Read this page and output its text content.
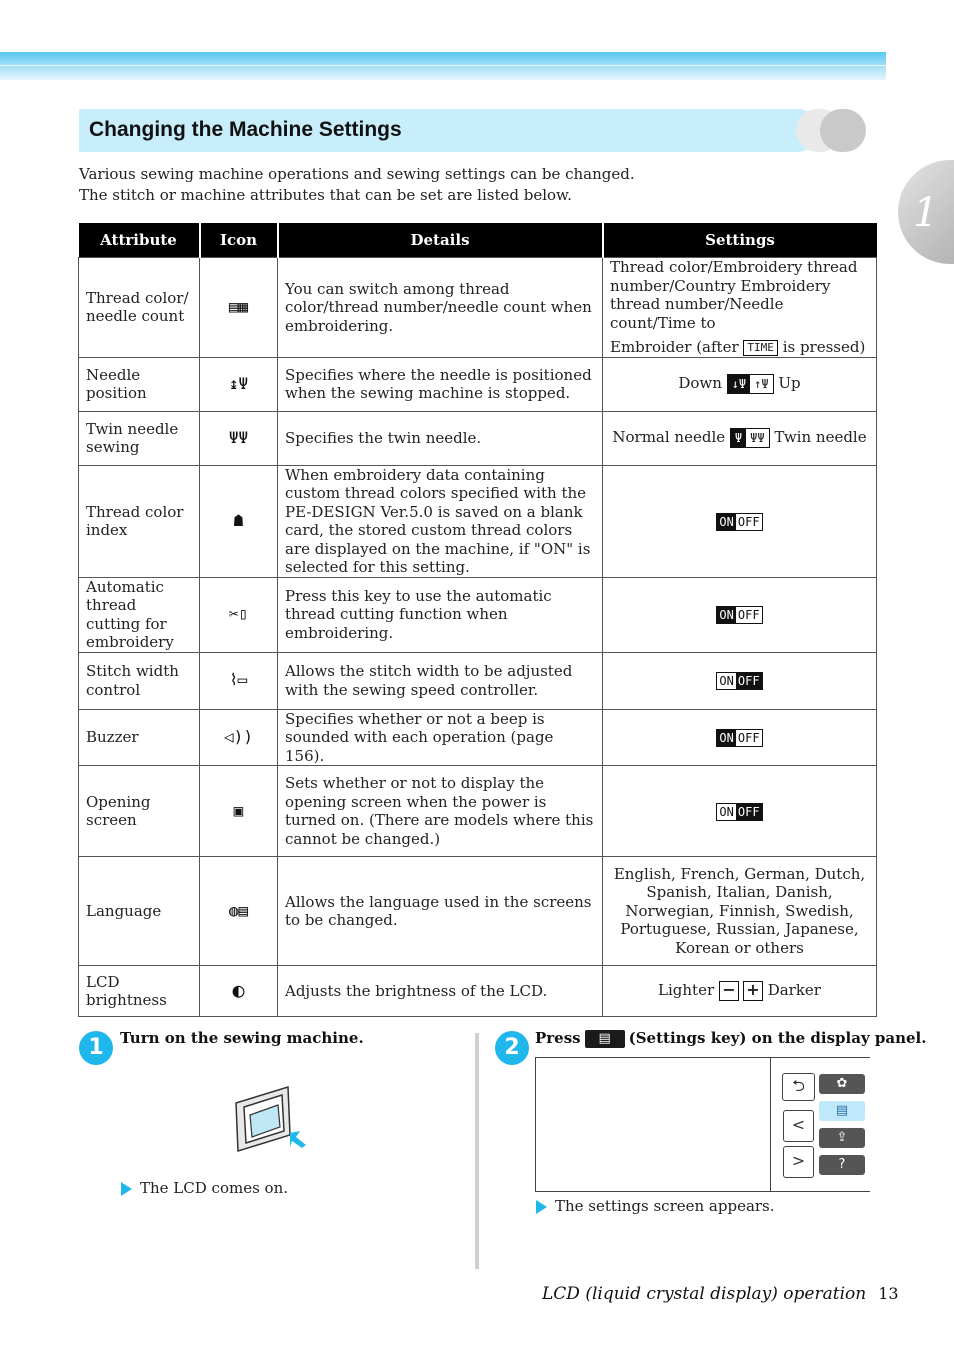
1
Changing the Machine Settings
Various sewing machine operations and sewing settings can be changed.
The stitch or machine attributes that can be set are listed below.
Attribute	Icon	Details	Settings
Thread color/ needle count	▤▦	You can switch among thread color/thread number/needle count when embroidering.	Thread color/Embroidery thread number/Country Embroidery thread number/Needle count/Time to
Embroider (after TIME is pressed)

Needle position	↨Ψ	Specifies where the needle is positioned when the sewing machine is stopped.	Down ↓Ψ ↑Ψ Up
Twin needle sewing	ΨΨ	Specifies the twin needle.	Normal needle Ψ ΨΨ Twin needle
Thread color index	☗	When embroidery data containing custom thread colors specified with the PE-DESIGN Ver.5.0 is saved on a blank card, the stored custom thread colors are displayed on the machine, if "ON" is selected for this setting.	ON OFF

Automatic thread cutting for embroidery	✂▯	Press this key to use the automatic thread cutting function when embroidering.	ON OFF

Stitch width control	⌇▭	Allows the stitch width to be adjusted with the sewing speed controller.	ON OFF

Buzzer	◁))	Specifies whether or not a beep is sounded with each operation (page 156).	ON OFF

Opening screen	▣	Sets whether or not to display the opening screen when the power is turned on. (There are models where this cannot be changed.)	ON OFF

Language	◍▤	Allows the language used in the screens to be changed.	English, French, German, Dutch, Spanish, Italian, Danish, Norwegian, Finnish, Swedish, Portuguese, Russian, Japanese, Korean or others
LCD brightness	◐	Adjusts the brightness of the LCD.	Lighter − + Darker
1	Turn on the sewing machine.
The LCD comes on.
2	Press ▤ (Settings key) on the display panel.
⮌
<
>
✿
▤
⇪
?
The settings screen appears.
LCD (liquid crystal display) operation 13
